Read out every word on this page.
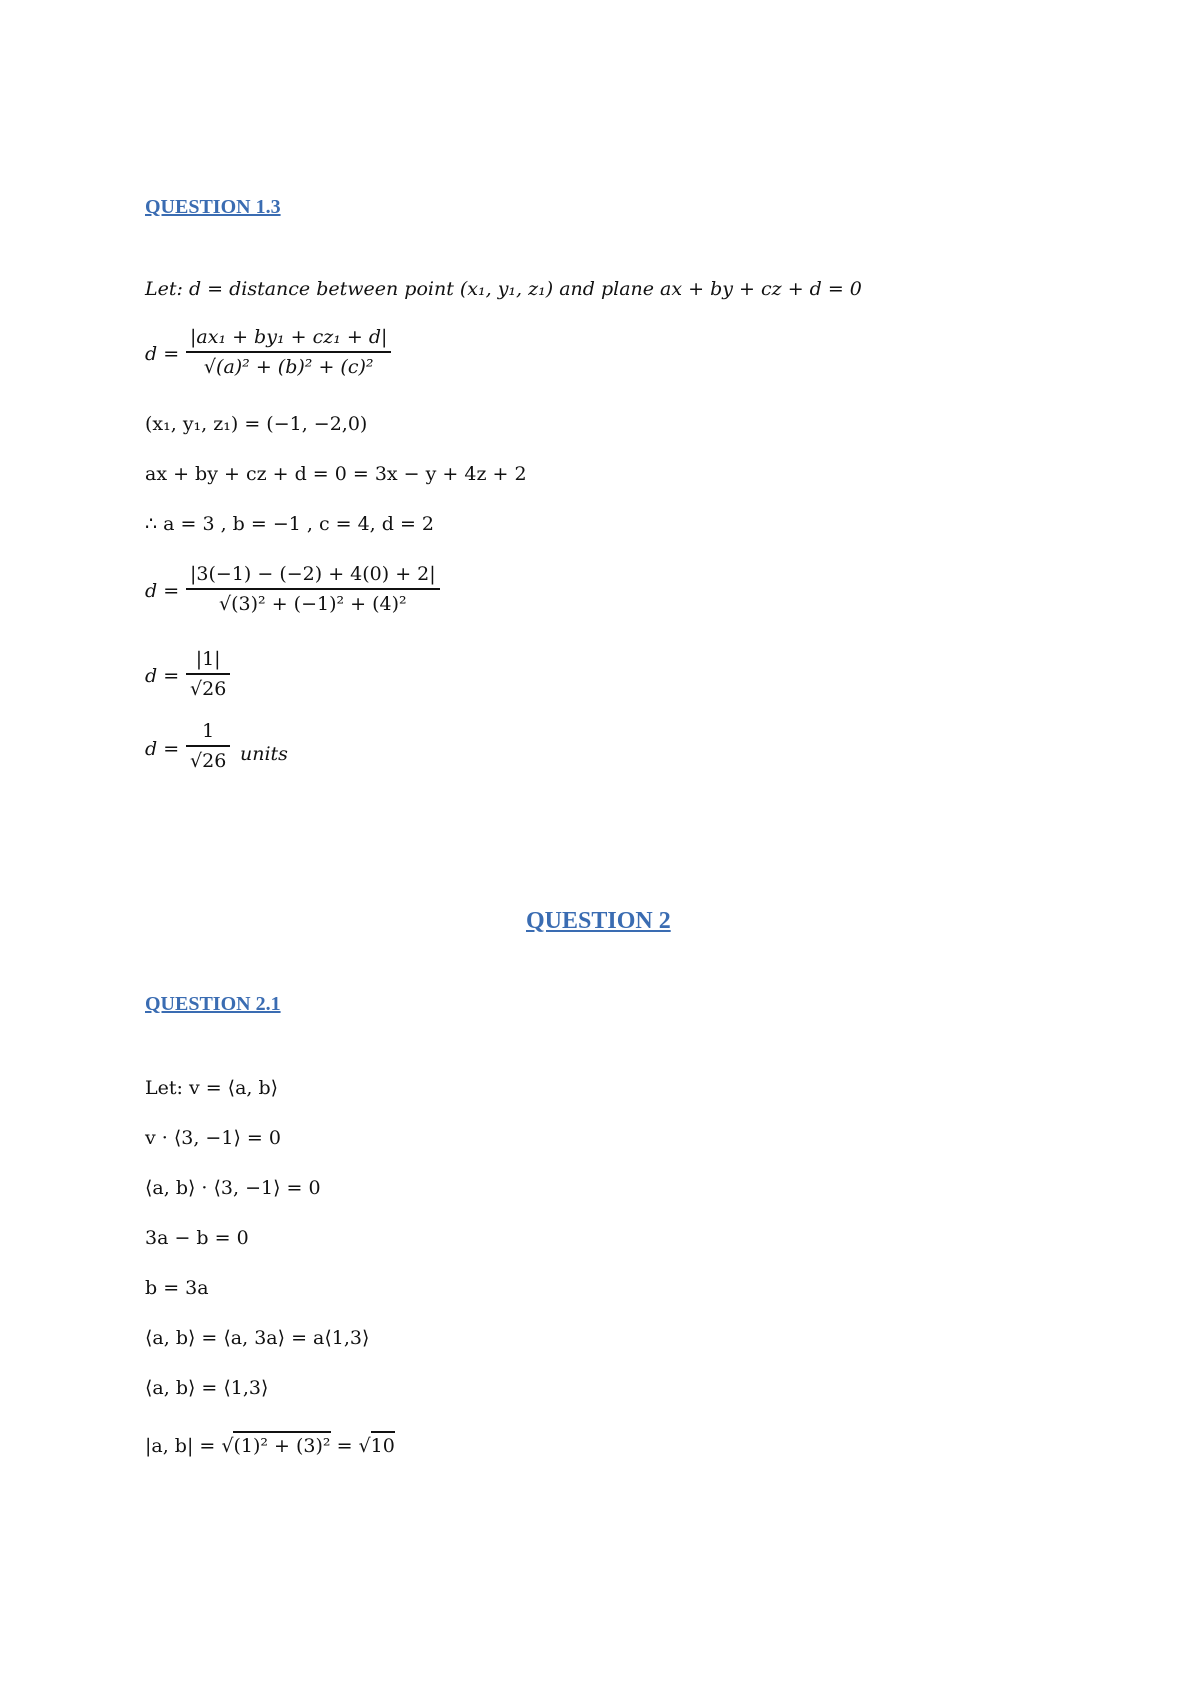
QUESTION 1.3
Let: d = distance between point (x₁, y₁, z₁) and plane ax + by + cz + d = 0
d =
|ax₁ + by₁ + cz₁ + d|
√(a)² + (b)² + (c)²
(x₁, y₁, z₁) = (−1, −2,0)
ax + by + cz + d = 0 = 3x − y + 4z + 2
∴ a = 3 , b = −1 , c = 4, d = 2
d =
|3(−1) − (−2) + 4(0) + 2|
√(3)² + (−1)² + (4)²
d =
|1|
√26
d =
1
√26 units
QUESTION 2
QUESTION 2.1
Let: v = ⟨a, b⟩
v · ⟨3, −1⟩ = 0
⟨a, b⟩ · ⟨3, −1⟩ = 0
3a − b = 0
b = 3a
⟨a, b⟩ = ⟨a, 3a⟩ = a⟨1,3⟩
⟨a, b⟩ = ⟨1,3⟩
|a, b| = √(1)² + (3)² = √10
